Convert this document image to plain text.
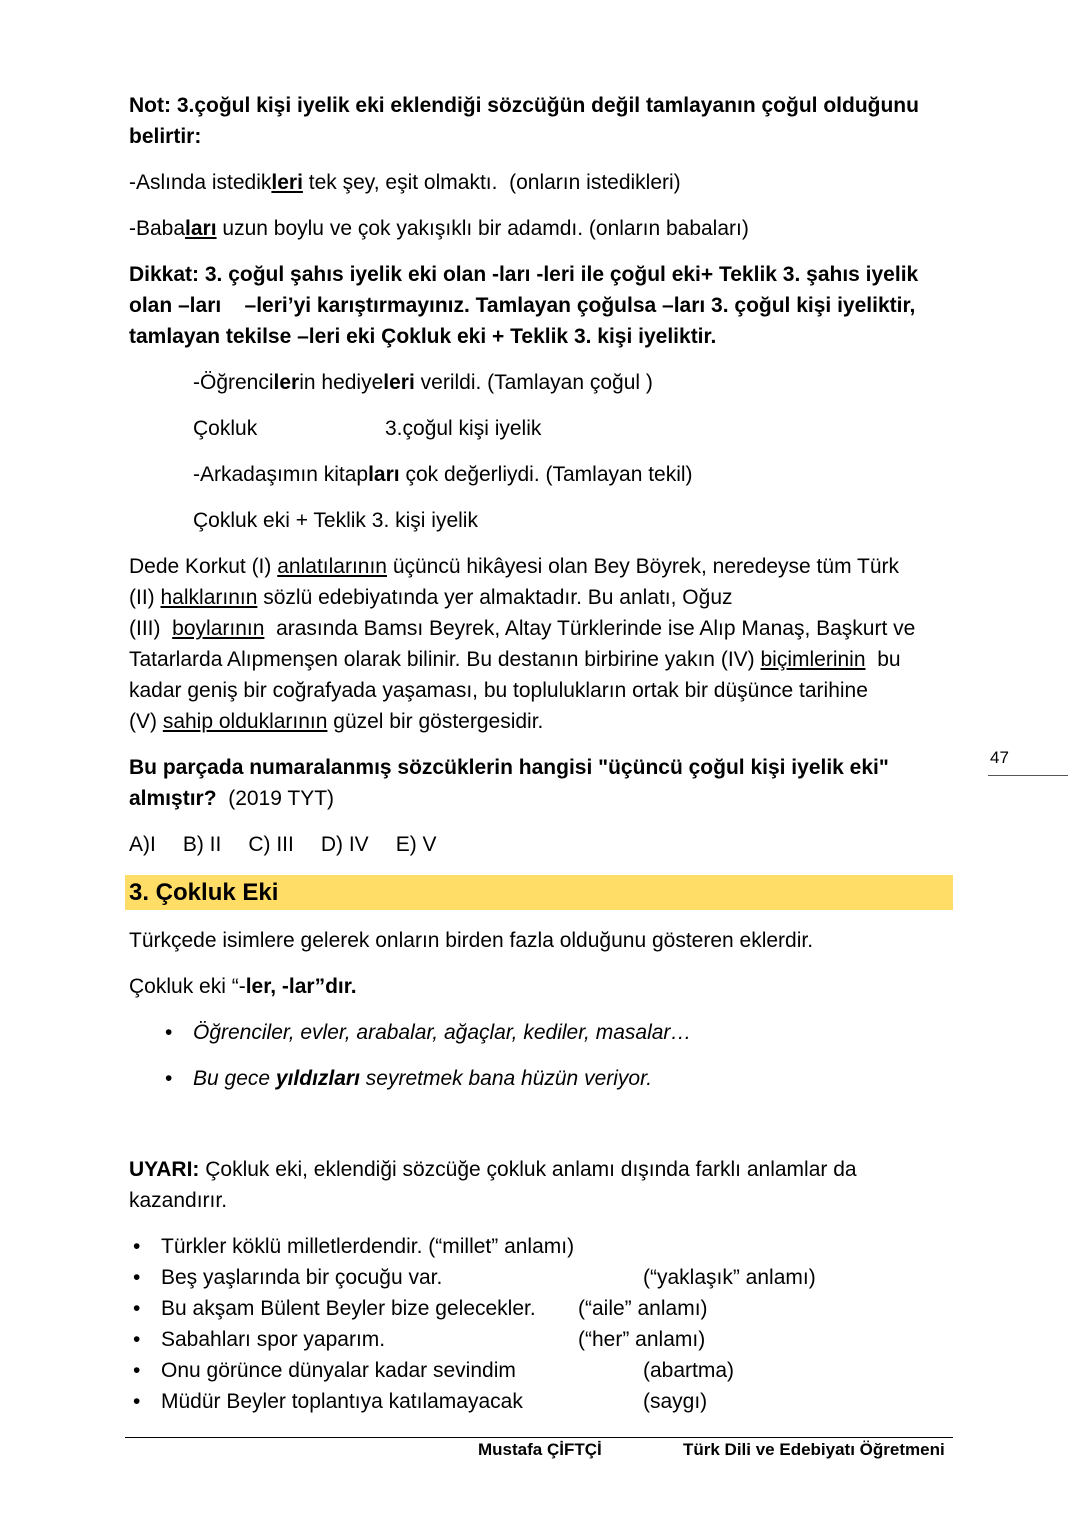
Not: 3.çoğul kişi iyelik eki eklendiği sözcüğün değil tamlayanın çoğul olduğunu
belirtir:
-Aslında istedik leri tek şey, eşit olmaktı.  (onların istedikleri)
-Baba ları uzun boylu ve çok yakışıklı bir adamdı. (onların babaları)
Dikkat: 3. çoğul şahıs iyelik eki olan -ları -leri ile çoğul eki+ Teklik 3. şahıs iyelik
olan –ları    –leri’yi karıştırmayınız. Tamlayan çoğulsa –ları 3. çoğul kişi iyeliktir,
tamlayan tekilse –leri eki Çokluk eki + Teklik 3. kişi iyeliktir.
-Öğrenci ler in hediye leri verildi. (Tamlayan çoğul )
Çokluk	3.çoğul kişi iyelik
-Arkadaşımın kitap ları çok değerliydi. (Tamlayan tekil)
Çokluk eki + Teklik 3. kişi iyelik
Dede Korkut (I) anlatılarının üçüncü hikâyesi olan Bey Böyrek, neredeyse tüm Türk
(II) halklarının sözlü edebiyatında yer almaktadır. Bu anlatı, Oğuz
(III) boylarının arasında Bamsı Beyrek, Altay Türklerinde ise Alıp Manaş, Başkurt ve
Tatarlarda Alıpmenşen olarak bilinir. Bu destanın birbirine yakın (IV) biçimlerinin bu
kadar geniş bir coğrafyada yaşaması, bu toplulukların ortak bir düşünce tarihine
(V) sahip olduklarının güzel bir göstergesidir.
Bu parçada numaralanmış sözcüklerin hangisi "üçüncü çoğul kişi iyelik eki"
almıştır? (2019 TYT)
A)I B) II C) III D) IV E) V
3. Çokluk Eki
Türkçede isimlere gelerek onların birden fazla olduğunu gösteren eklerdir.
Çokluk eki “- ler, -lar”dır.
•
Öğrenciler, evler, arabalar, ağaçlar, kediler, masalar…
•
Bu gece yıldızları seyretmek bana hüzün veriyor.
UYARI: Çokluk eki, eklendiği sözcüğe çokluk anlamı dışında farklı anlamlar da
kazandırır.
•
Türkler köklü milletlerdendir. (“millet” anlamı)
•
Beş yaşlarında bir çocuğu var.	(“yaklaşık” anlamı)
•
Bu akşam Bülent Beyler bize gelecekler. (“aile” anlamı)
•
Sabahları spor yaparım.	(“her” anlamı)
•
Onu görünce dünyalar kadar sevindim	(abartma)
•
Müdür Beyler toplantıya katılamayacak	(saygı)
47
Mustafa ÇİFTÇİ	Türk Dili ve Edebiyatı Öğretmeni
